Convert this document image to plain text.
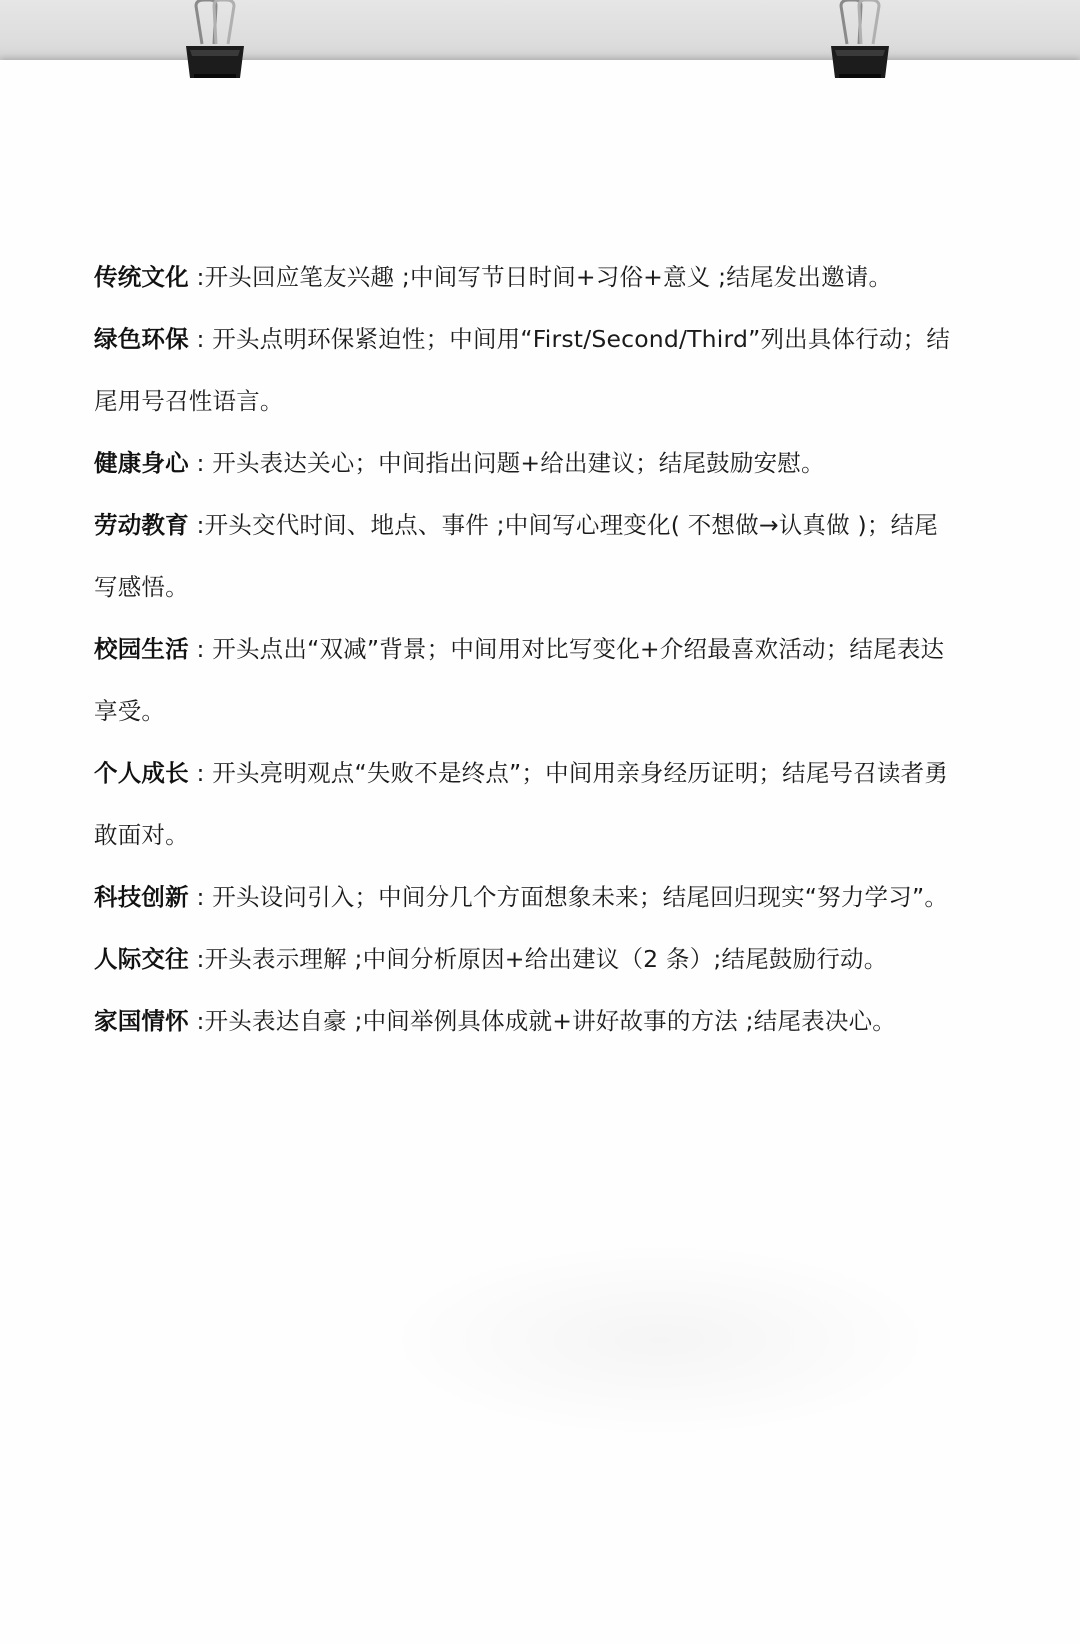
传统文化 :开头回应笔友兴趣 ;中间写节日时间+习俗+意义 ;结尾发出邀请。

绿色环保 : 开头点明环保紧迫性；中间用“First/Second/Third”列出具体行动；结尾用号召性语言。

健康身心 : 开头表达关心；中间指出问题+给出建议；结尾鼓励安慰。

劳动教育 :开头交代时间、地点、事件 ;中间写心理变化( 不想做→认真做 )；结尾写感悟。

校园生活 : 开头点出“双减”背景；中间用对比写变化+介绍最喜欢活动；结尾表达享受。

个人成长 : 开头亮明观点“失败不是终点”；中间用亲身经历证明；结尾号召读者勇敢面对。

科技创新 : 开头设问引入；中间分几个方面想象未来；结尾回归现实“努力学习”。

人际交往 :开头表示理解 ;中间分析原因+给出建议（2 条）;结尾鼓励行动。

家国情怀 :开头表达自豪 ;中间举例具体成就+讲好故事的方法 ;结尾表决心。
